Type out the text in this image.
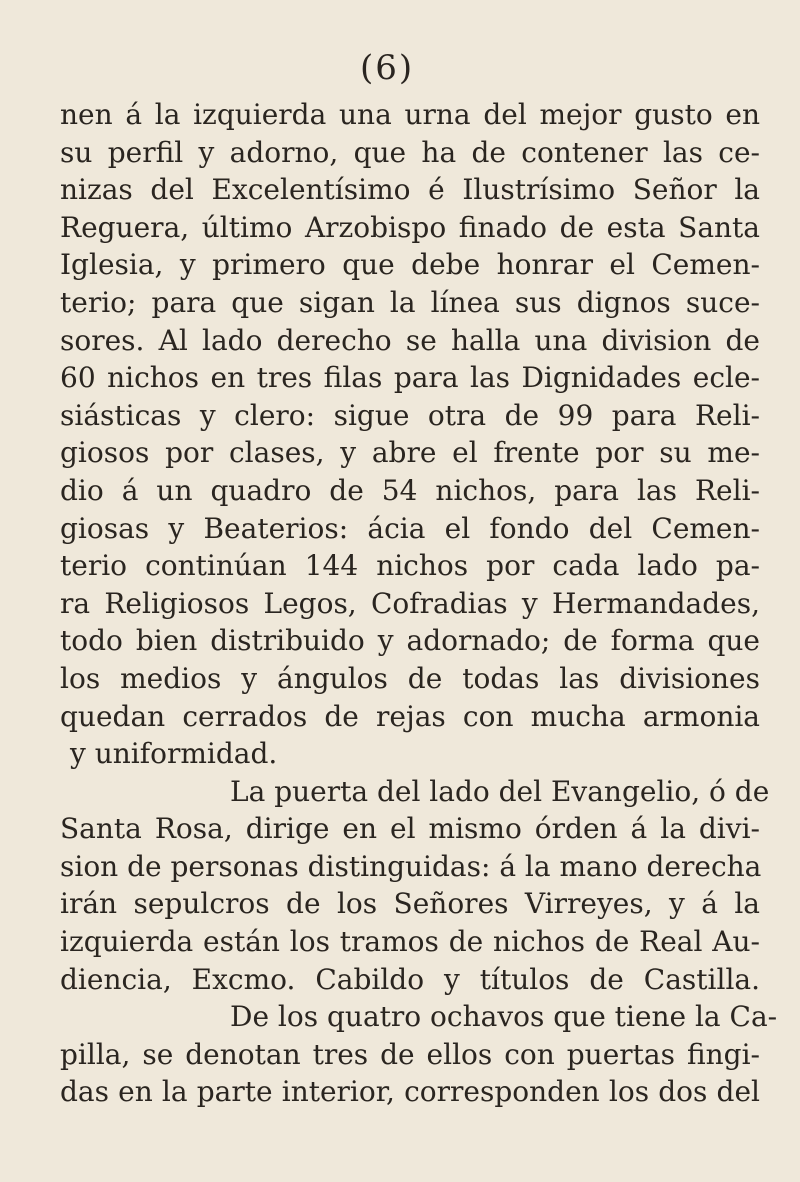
(6)
nen á la izquierda una urna del mejor gusto en
su perfil y adorno, que ha de contener las ce-
nizas del Excelentísimo é Ilustrísimo Señor la
Reguera, último Arzobispo finado de esta Santa
Iglesia, y primero que debe honrar el Cemen-
terio; para que sigan la línea sus dignos suce-
sores. Al lado derecho se halla una division de
60 nichos en tres filas para las Dignidades ecle-
siásticas y clero: sigue otra de 99 para Reli-
giosos por clases, y abre el frente por su me-
dio á un quadro de 54 nichos, para las Reli-
giosas y Beaterios: ácia el fondo del Cemen-
terio continúan 144 nichos por cada lado pa-
ra Religiosos Legos, Cofradias y Hermandades,
todo bien distribuido y adornado; de forma que
los medios y ángulos de todas las divisiones
quedan cerrados de rejas con mucha armonia
y uniformidad.
La puerta del lado del Evangelio, ó de
Santa Rosa, dirige en el mismo órden á la divi-
sion de personas distinguidas: á la mano derecha
irán sepulcros de los Señores Virreyes, y á la
izquierda están los tramos de nichos de Real Au-
diencia, Excmo. Cabildo y títulos de Castilla.
De los quatro ochavos que tiene la Ca-
pilla, se denotan tres de ellos con puertas fingi-
das en la parte interior, corresponden los dos del
